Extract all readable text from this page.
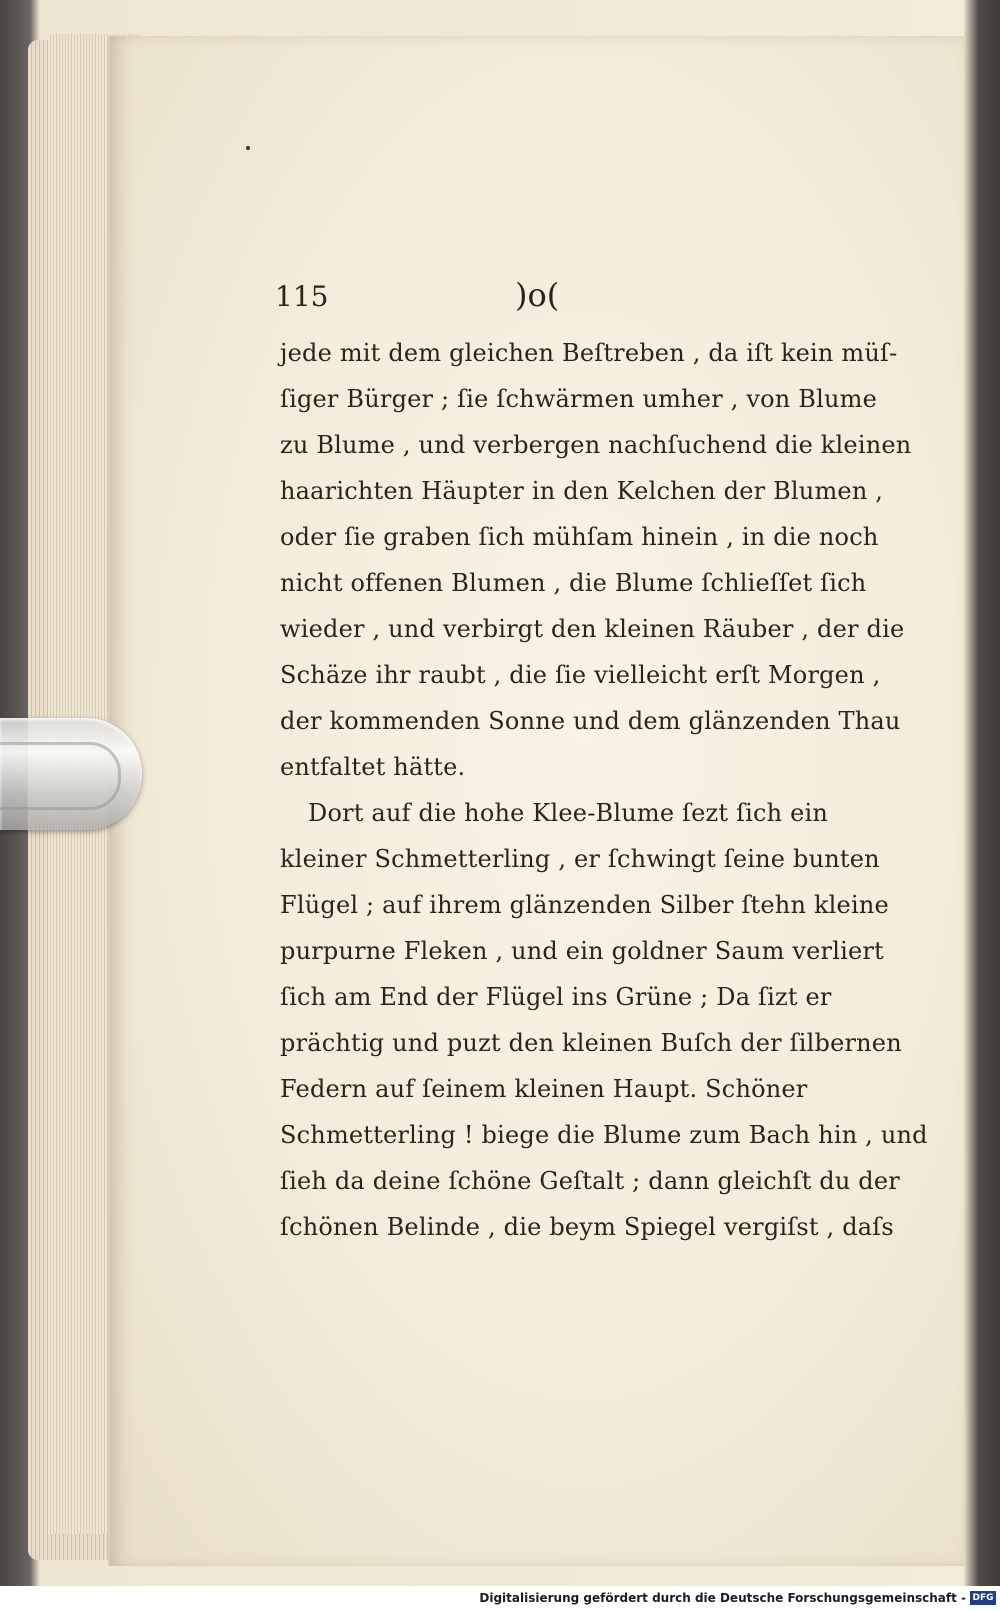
115	)o(
jede mit dem gleichen Beſtreben , da iſt kein müſ-
ſiger Bürger ; ſie ſchwärmen umher , von Blume
zu Blume , und verbergen nachſuchend die kleinen
haarichten Häupter in den Kelchen der Blumen ,
oder ſie graben ſich mühſam hinein , in die noch
nicht offenen Blumen , die Blume ſchlieſſet ſich
wieder , und verbirgt den kleinen Räuber , der die
Schäze ihr raubt , die ſie vielleicht erſt Morgen ,
der kommenden Sonne und dem glänzenden Thau
entfaltet hätte.
Dort auf die hohe Klee-Blume ſezt ſich ein
kleiner Schmetterling , er ſchwingt ſeine bunten
Flügel ; auf ihrem glänzenden Silber ſtehn kleine
purpurne Fleken , und ein goldner Saum verliert
ſich am End der Flügel ins Grüne ; Da ſizt er
prächtig und puzt den kleinen Buſch der ſilbernen
Federn auf ſeinem kleinen Haupt. Schöner
Schmetterling ! biege die Blume zum Bach hin , und
ſieh da deine ſchöne Geſtalt ; dann gleichſt du der
ſchönen Belinde , die beym Spiegel vergiſst , daſs
Digitalisierung gefördert durch die Deutsche Forschungsgemeinschaft - DFG
